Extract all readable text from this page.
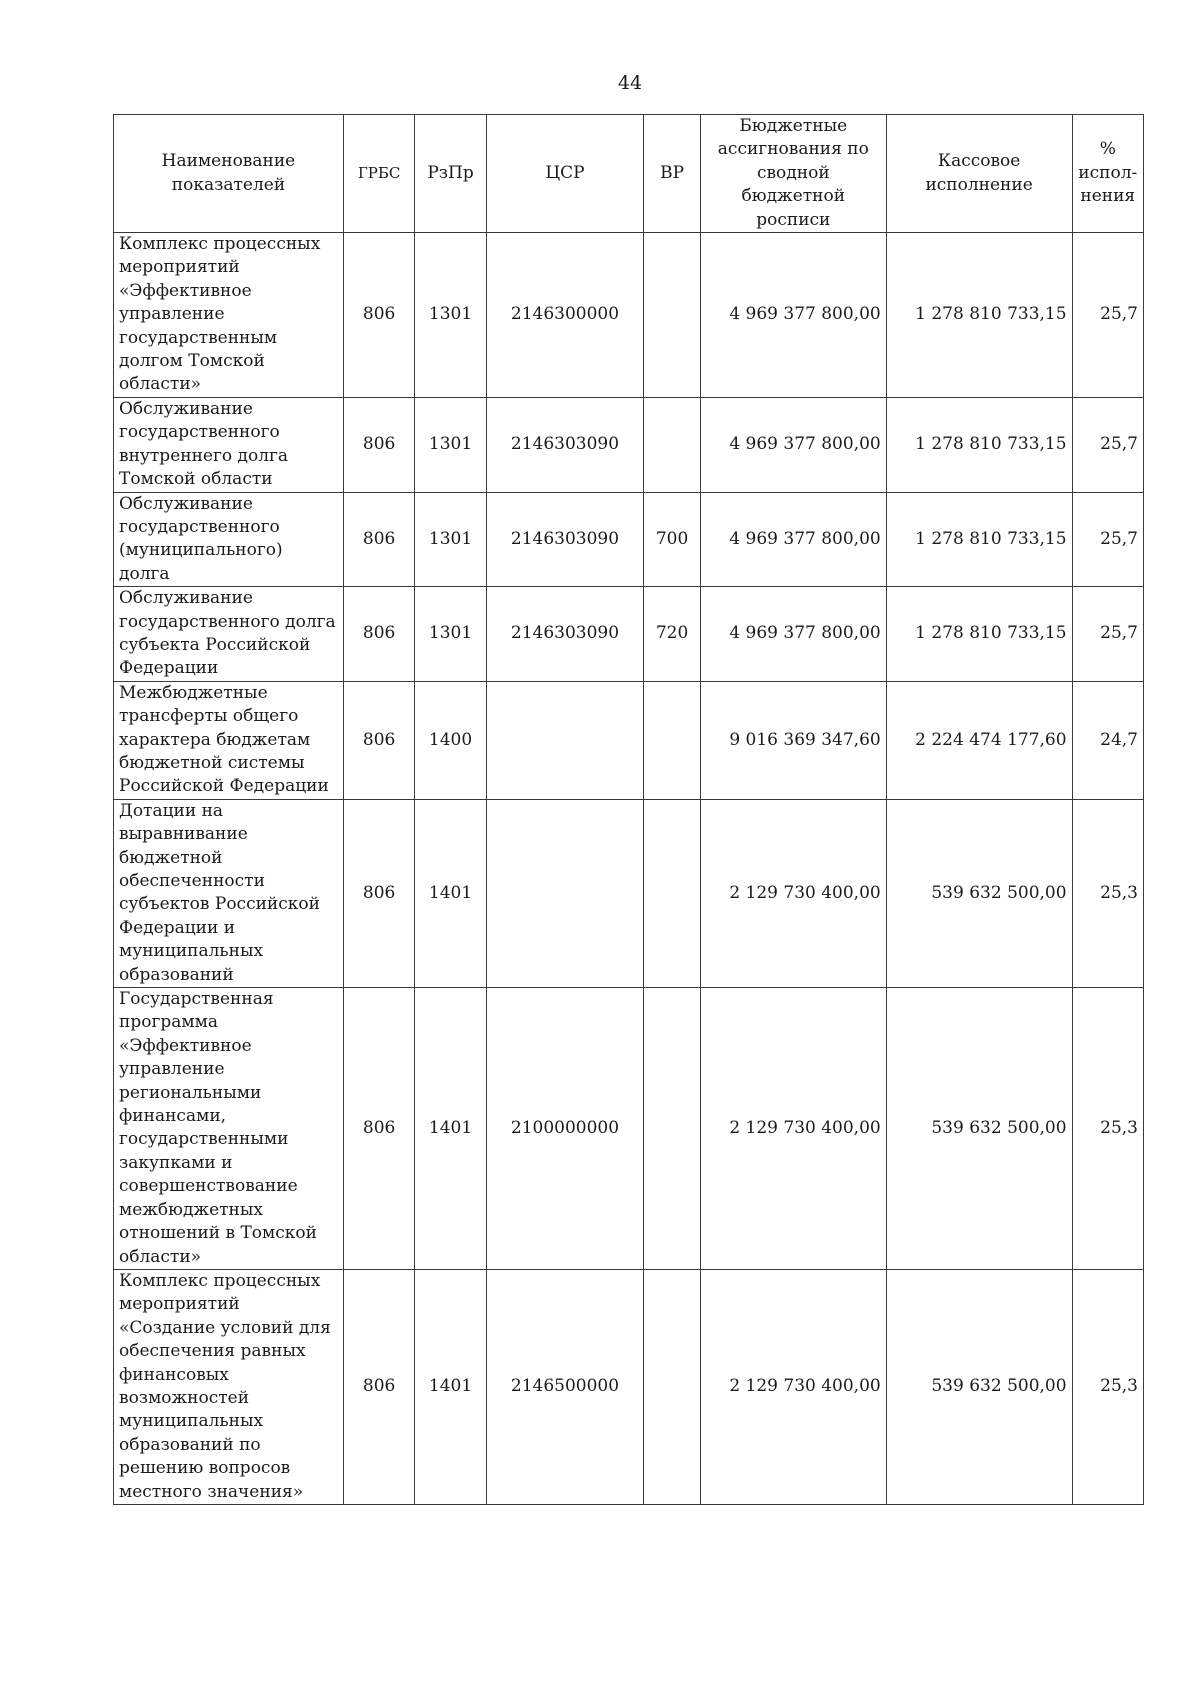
44
Наименование показателей	ГРБС	РзПр	ЦСР	ВР	Бюджетные ассигнования по сводной бюджетной росписи	Кассовое исполнение	% испол-нения
Комплекс процессных мероприятий «Эффективное управление государственным долгом Томской области»	806	1301	2146300000		4 969 377 800,00	1 278 810 733,15	25,7
Обслуживание государственного внутреннего долга Томской области	806	1301	2146303090		4 969 377 800,00	1 278 810 733,15	25,7
Обслуживание государственного (муниципального) долга	806	1301	2146303090	700	4 969 377 800,00	1 278 810 733,15	25,7
Обслуживание государственного долга субъекта Российской Федерации	806	1301	2146303090	720	4 969 377 800,00	1 278 810 733,15	25,7
Межбюджетные трансферты общего характера бюджетам бюджетной системы Российской Федерации	806	1400			9 016 369 347,60	2 224 474 177,60	24,7
Дотации на выравнивание бюджетной обеспеченности субъектов Российской Федерации и муниципальных образований	806	1401			2 129 730 400,00	539 632 500,00	25,3
Государственная программа «Эффективное управление региональными финансами, государственными закупками и совершенствование межбюджетных отношений в Томской области»	806	1401	2100000000		2 129 730 400,00	539 632 500,00	25,3
Комплекс процессных мероприятий «Создание условий для обеспечения равных финансовых возможностей муниципальных образований по решению вопросов местного значения»	806	1401	2146500000		2 129 730 400,00	539 632 500,00	25,3
